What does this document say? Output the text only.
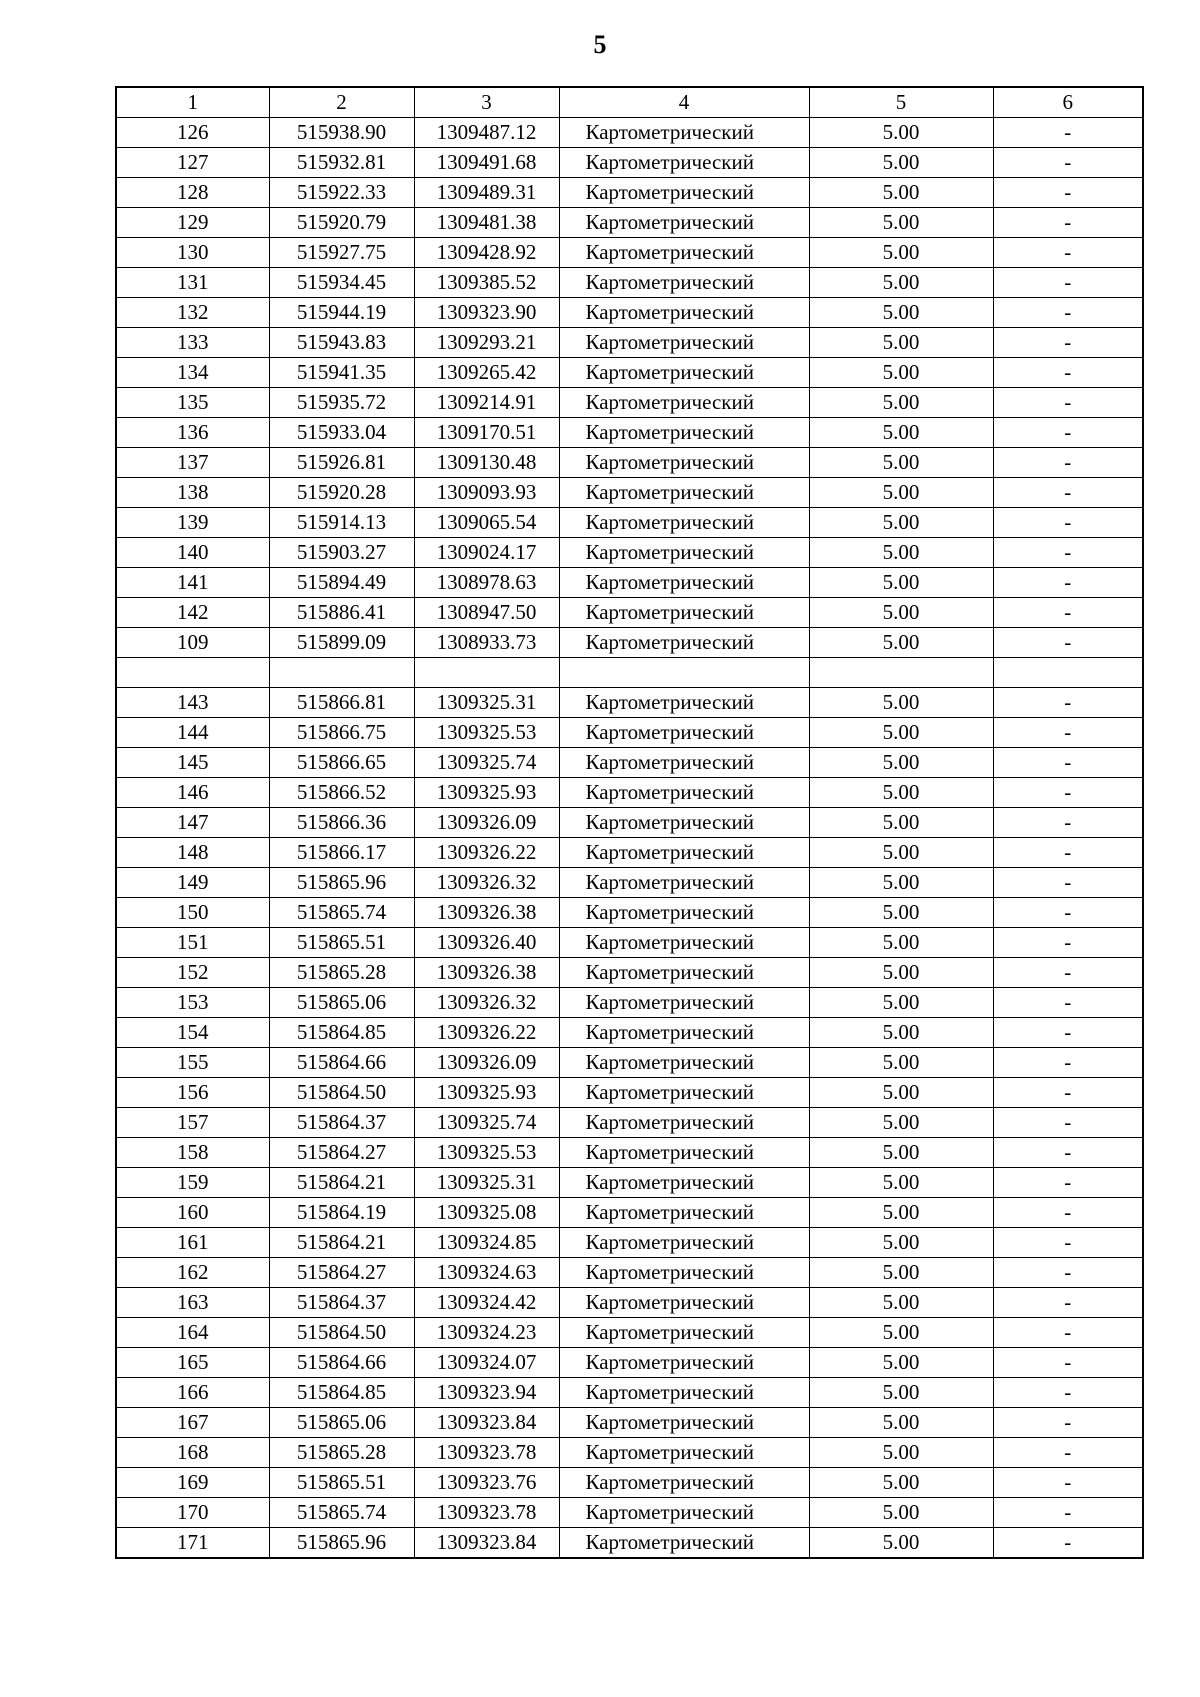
5
1	2	3	4	5	6
126	515938.90	1309487.12	Картометрический	5.00	-
127	515932.81	1309491.68	Картометрический	5.00	-
128	515922.33	1309489.31	Картометрический	5.00	-
129	515920.79	1309481.38	Картометрический	5.00	-
130	515927.75	1309428.92	Картометрический	5.00	-
131	515934.45	1309385.52	Картометрический	5.00	-
132	515944.19	1309323.90	Картометрический	5.00	-
133	515943.83	1309293.21	Картометрический	5.00	-
134	515941.35	1309265.42	Картометрический	5.00	-
135	515935.72	1309214.91	Картометрический	5.00	-
136	515933.04	1309170.51	Картометрический	5.00	-
137	515926.81	1309130.48	Картометрический	5.00	-
138	515920.28	1309093.93	Картометрический	5.00	-
139	515914.13	1309065.54	Картометрический	5.00	-
140	515903.27	1309024.17	Картометрический	5.00	-
141	515894.49	1308978.63	Картометрический	5.00	-
142	515886.41	1308947.50	Картометрический	5.00	-
109	515899.09	1308933.73	Картометрический	5.00	-

143	515866.81	1309325.31	Картометрический	5.00	-
144	515866.75	1309325.53	Картометрический	5.00	-
145	515866.65	1309325.74	Картометрический	5.00	-
146	515866.52	1309325.93	Картометрический	5.00	-
147	515866.36	1309326.09	Картометрический	5.00	-
148	515866.17	1309326.22	Картометрический	5.00	-
149	515865.96	1309326.32	Картометрический	5.00	-
150	515865.74	1309326.38	Картометрический	5.00	-
151	515865.51	1309326.40	Картометрический	5.00	-
152	515865.28	1309326.38	Картометрический	5.00	-
153	515865.06	1309326.32	Картометрический	5.00	-
154	515864.85	1309326.22	Картометрический	5.00	-
155	515864.66	1309326.09	Картометрический	5.00	-
156	515864.50	1309325.93	Картометрический	5.00	-
157	515864.37	1309325.74	Картометрический	5.00	-
158	515864.27	1309325.53	Картометрический	5.00	-
159	515864.21	1309325.31	Картометрический	5.00	-
160	515864.19	1309325.08	Картометрический	5.00	-
161	515864.21	1309324.85	Картометрический	5.00	-
162	515864.27	1309324.63	Картометрический	5.00	-
163	515864.37	1309324.42	Картометрический	5.00	-
164	515864.50	1309324.23	Картометрический	5.00	-
165	515864.66	1309324.07	Картометрический	5.00	-
166	515864.85	1309323.94	Картометрический	5.00	-
167	515865.06	1309323.84	Картометрический	5.00	-
168	515865.28	1309323.78	Картометрический	5.00	-
169	515865.51	1309323.76	Картометрический	5.00	-
170	515865.74	1309323.78	Картометрический	5.00	-
171	515865.96	1309323.84	Картометрический	5.00	-
